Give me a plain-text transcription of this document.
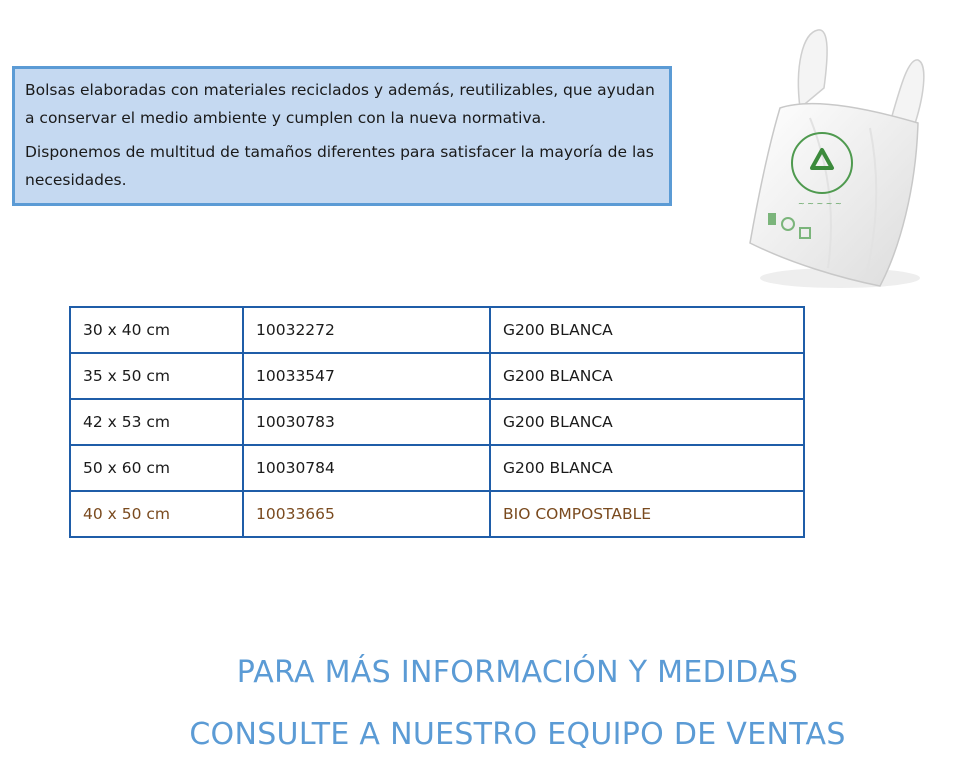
Bolsas elaboradas con materiales reciclados y además, reutilizables, que ayudan a conservar el medio ambiente y cumplen con la nueva normativa.

Disponemos de multitud de tamaños diferentes para satisfacer la mayoría de las necesidades.

~ ~ ~ ~ ~
30 x 40 cm	10032272	G200 BLANCA
35 x 50 cm	10033547	G200 BLANCA
42 x 53 cm	10030783	G200 BLANCA
50 x 60 cm	10030784	G200 BLANCA
40 x 50 cm	10033665	BIO COMPOSTABLE
PARA MÁS INFORMACIÓN Y MEDIDAS
CONSULTE A NUESTRO EQUIPO DE VENTAS
